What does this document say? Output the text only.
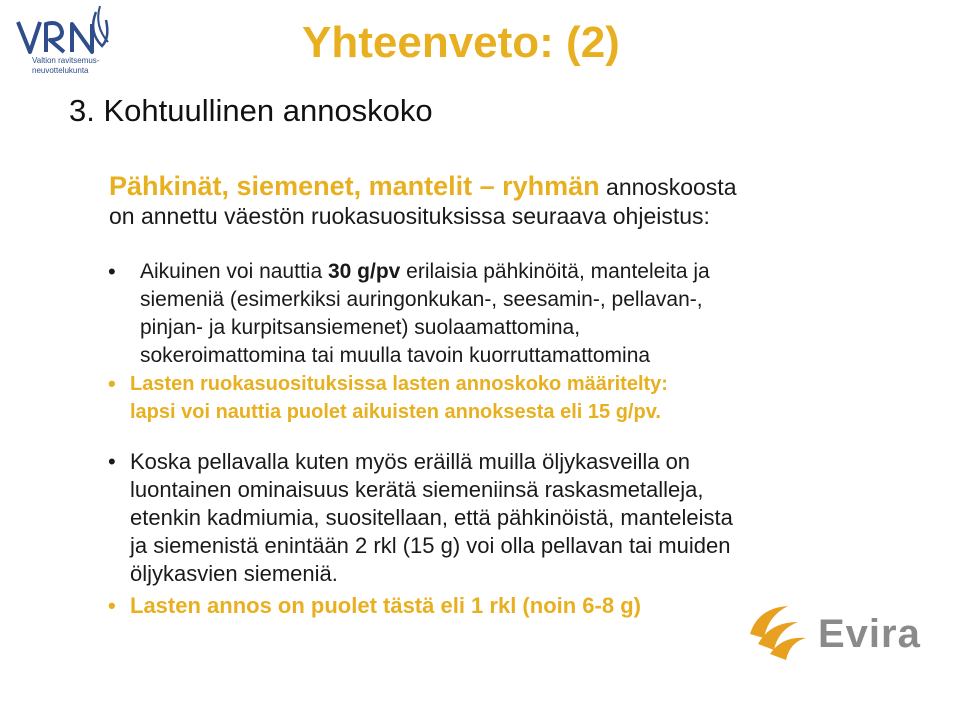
Valtion ravitsemus-
neuvottelukunta
Yhteenveto: (2)
3. Kohtuullinen annoskoko

Pähkinät, siemenet, mantelit – ryhmän annoskoosta

on annettu väestön ruokasuosituksissa seuraava ohjeistus:

• Aikuinen voi nauttia 30 g/pv erilaisia pähkinöitä, manteleita ja
siemeniä (esimerkiksi auringonkukan-, seesamin-, pellavan-,
pinjan- ja kurpitsansiemenet) suolaamattomina,
sokeroimattomina tai muulla tavoin kuorruttamattomina
• Lasten ruokasuosituksissa lasten annoskoko määritelty:
lapsi voi nauttia puolet aikuisten annoksesta eli 15 g/pv.
• Koska pellavalla kuten myös eräillä muilla öljykasveilla on
luontainen ominaisuus kerätä siemeniinsä raskasmetalleja,
etenkin kadmiumia, suositellaan, että pähkinöistä, manteleista
ja siemenistä enintään 2 rkl (15 g) voi olla pellavan tai muiden
öljykasvien siemeniä.
• Lasten annos on puolet tästä eli 1 rkl (noin 6-8 g)
Evira
